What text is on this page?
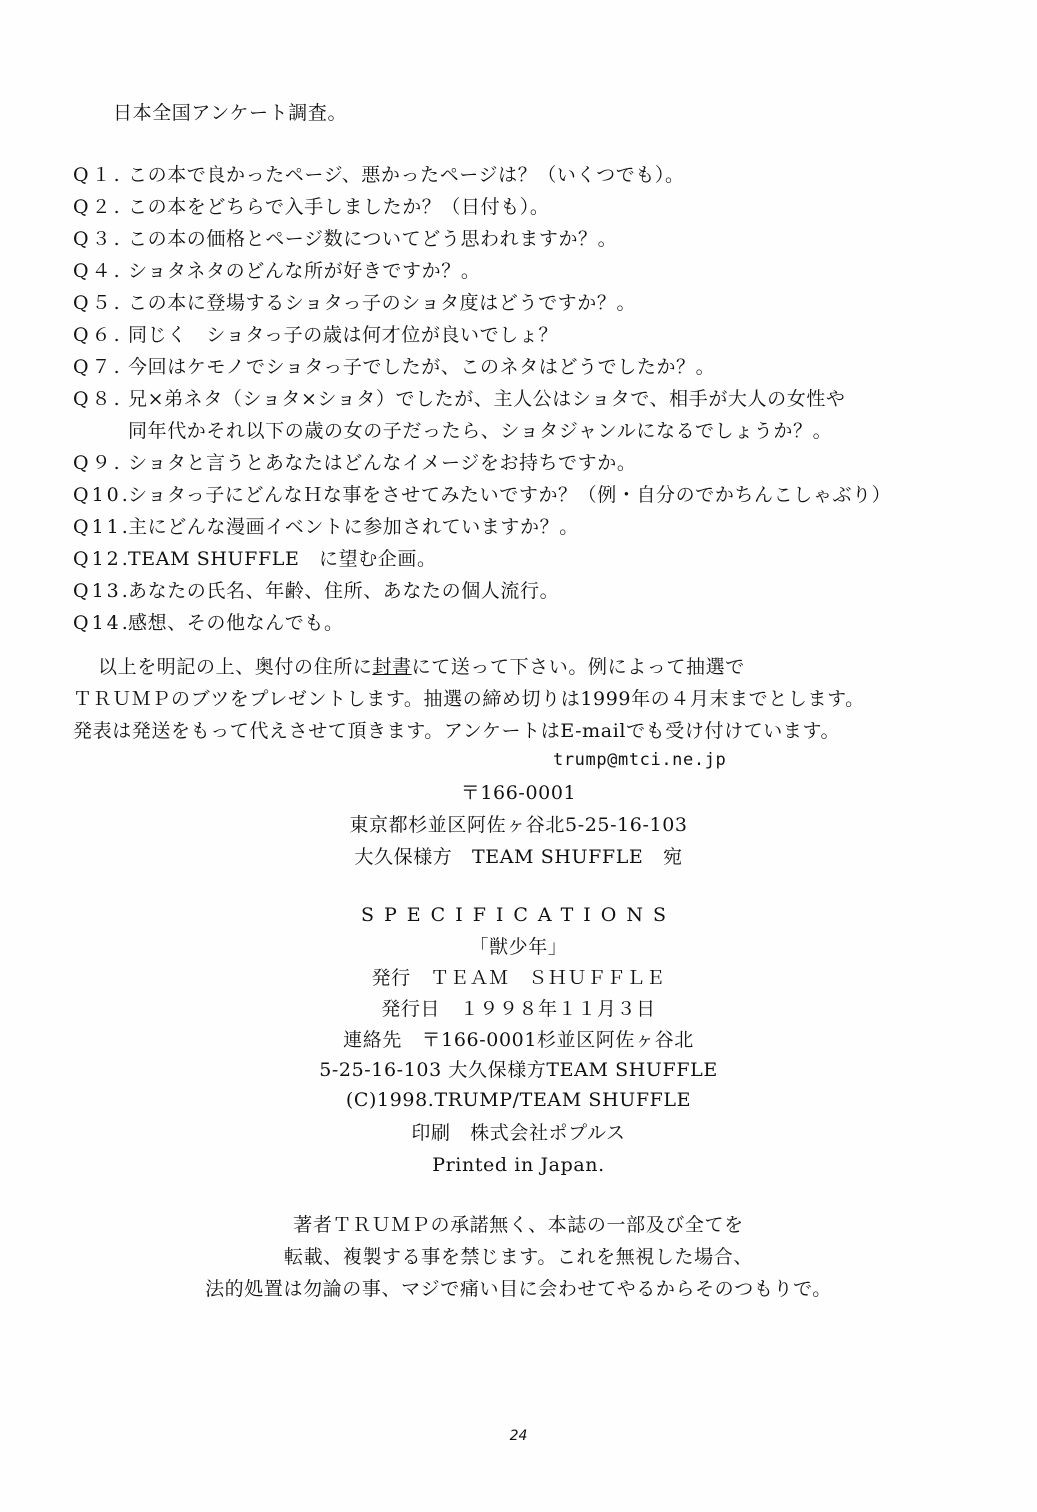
日本全国アンケート調査。
Q１. この本で良かったページ、悪かったページは？（いくつでも）。
Q２. この本をどちらで入手しましたか？（日付も）。
Q３. この本の価格とページ数についてどう思われますか？。
Q４. ショタネタのどんな所が好きですか？。
Q５. この本に登場するショタっ子のショタ度はどうですか？。
Q６. 同じく　ショタっ子の歳は何才位が良いでしょ？
Q７. 今回はケモノでショタっ子でしたが、このネタはどうでしたか？。
Q８. 兄×弟ネタ（ショタ×ショタ）でしたが、主人公はショタで、相手が大人の女性や
同年代かそれ以下の歳の女の子だったら、ショタジャンルになるでしょうか？。
Q９. ショタと言うとあなたはどんなイメージをお持ちですか。
Q10.ショタっ子にどんなＨな事をさせてみたいですか？（例・自分のでかちんこしゃぶり）
Q11.主にどんな漫画イベントに参加されていますか？。
Q12.TEAM SHUFFLE　に望む企画。
Q13.あなたの氏名、年齢、住所、あなたの個人流行。
Q14.感想、その他なんでも。
以上を明記の上、奥付の住所に封書にて送って下さい。例によって抽選で
ＴＲＵＭＰのブツをプレゼントします。抽選の締め切りは1999年の４月末までとします。
発表は発送をもって代えさせて頂きます。アンケートはE-mailでも受け付けています。
trump@mtci.ne.jp
〒166-0001
東京都杉並区阿佐ヶ谷北5-25-16-103
大久保様方　TEAM SHUFFLE　宛
SPECIFICATIONS
「獣少年」
発行　ＴＥＡＭ　ＳＨＵＦＦＬＥ
発行日　１９９８年１１月３日
連絡先　〒166-0001杉並区阿佐ヶ谷北
5-25-16-103 大久保様方TEAM SHUFFLE
(C)1998.TRUMP/TEAM SHUFFLE
印刷　株式会社ポプルス
Printed in Japan.
著者ＴＲＵＭＰの承諾無く、本誌の一部及び全てを
転載、複製する事を禁じます。これを無視した場合、
法的処置は勿論の事、マジで痛い目に会わせてやるからそのつもりで。
24
